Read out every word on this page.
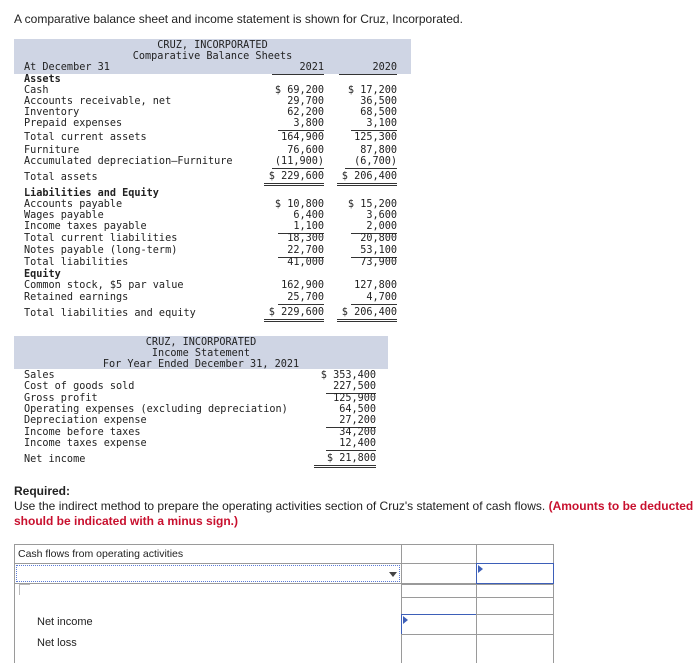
A comparative balance sheet and income statement is shown for Cruz, Incorporated.
CRUZ, INCORPORATED
Comparative Balance Sheets
At December 31	2021	2020
Assets
Cash	$ 69,200	$ 17,200
Accounts receivable, net	29,700	36,500
Inventory	62,200	68,500
Prepaid expenses	3,800	3,100
Total current assets	164,900	125,300
Furniture	76,600	87,800
Accumulated depreciation—Furniture	(11,900)	(6,700)
Total assets	$ 229,600	$ 206,400
Liabilities and Equity
Accounts payable	$ 10,800	$ 15,200
Wages payable	6,400	3,600
Income taxes payable	1,100	2,000
Total current liabilities	18,300	20,800
Notes payable (long-term)	22,700	53,100
Total liabilities	41,000	73,900
Equity
Common stock, $5 par value	162,900	127,800
Retained earnings	25,700	4,700
Total liabilities and equity	$ 229,600	$ 206,400
CRUZ, INCORPORATED
Income Statement
For Year Ended December 31, 2021
Sales	$ 353,400
Cost of goods sold	227,500
Gross profit	125,900
Operating expenses (excluding depreciation)	64,500
Depreciation expense	27,200
Income before taxes	34,200
Income taxes expense	12,400
Net income	$ 21,800
Required:
Use the indirect method to prepare the operating activities section of Cruz's statement of cash flows. (Amounts to be deducted should be indicated with a minus sign.)
Cash flows from operating activities
Net income
Net loss
